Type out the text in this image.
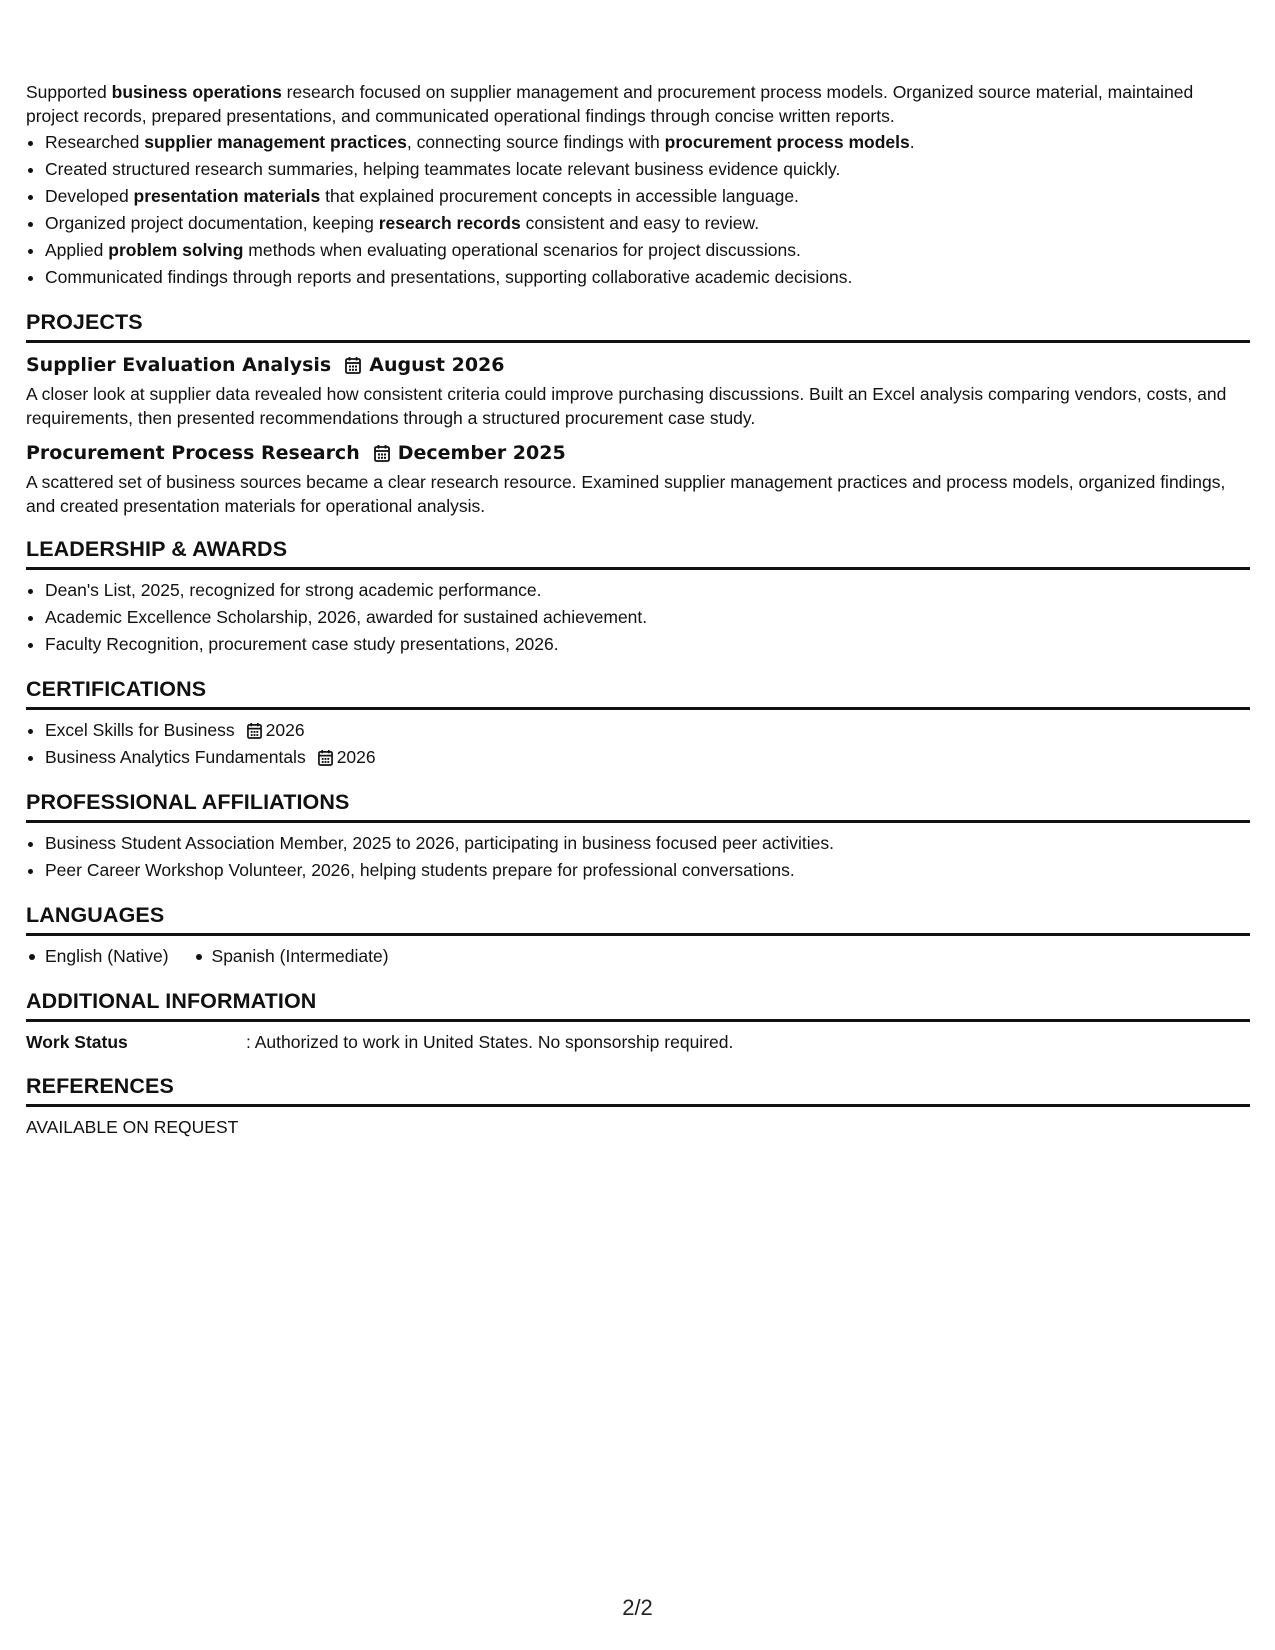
Supported business operations research focused on supplier management and procurement process models. Organized source material, maintained project records, prepared presentations, and communicated operational findings through concise written reports.

• Researched supplier management practices, connecting source findings with procurement process models.
• Created structured research summaries, helping teammates locate relevant business evidence quickly.
• Developed presentation materials that explained procurement concepts in accessible language.
• Organized project documentation, keeping research records consistent and easy to review.
• Applied problem solving methods when evaluating operational scenarios for project discussions.
• Communicated findings through reports and presentations, supporting collaborative academic decisions.
PROJECTS
Supplier Evaluation Analysis August 2026

A closer look at supplier data revealed how consistent criteria could improve purchasing discussions. Built an Excel analysis comparing vendors, costs, and requirements, then presented recommendations through a structured procurement case study.

Procurement Process Research December 2025

A scattered set of business sources became a clear research resource. Examined supplier management practices and process models, organized findings, and created presentation materials for operational analysis.

LEADERSHIP & AWARDS
• Dean's List, 2025, recognized for strong academic performance.
• Academic Excellence Scholarship, 2026, awarded for sustained achievement.
• Faculty Recognition, procurement case study presentations, 2026.
CERTIFICATIONS
• Excel Skills for Business 2026
• Business Analytics Fundamentals 2026
PROFESSIONAL AFFILIATIONS
• Business Student Association Member, 2025 to 2026, participating in business focused peer activities.
• Peer Career Workshop Volunteer, 2026, helping students prepare for professional conversations.
LANGUAGES
English (Native)	Spanish (Intermediate)
ADDITIONAL INFORMATION
Work Status	: Authorized to work in United States. No sponsorship required.
REFERENCES

AVAILABLE ON REQUEST

2/2
